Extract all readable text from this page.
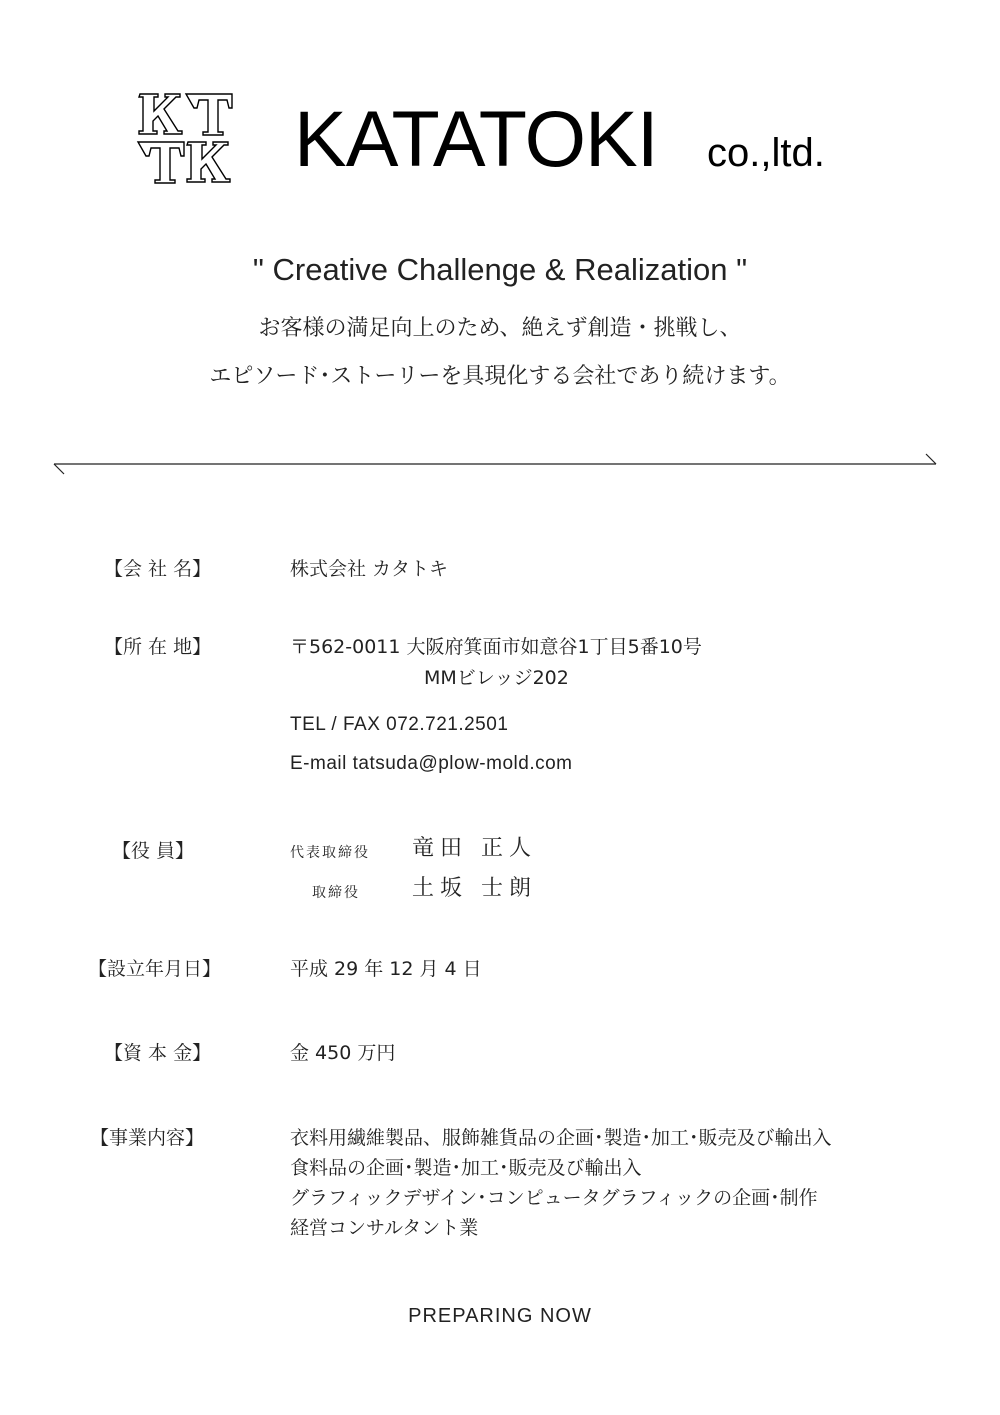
KATATOKI co.,ltd.
" Creative Challenge & Realization "
お客様の満足向上のため、絶えず創造・挑戦し、
エピソード･ストーリーを具現化する会社であり続けます。
【会 社 名】	株式会社 カタトキ
【所 在 地】	〒562-0011 大阪府箕面市如意谷1丁目5番10号
MMビレッジ202
TEL / FAX 072.721.2501
E-mail tatsuda@plow-mold.com
【役 員】	代表取締役 竜田 正人
取締役 土坂 士朗
【設立年月日】	平成 29 年 12 月 4 日
【資 本 金】	金 450 万円
【事業内容】	衣料用繊維製品、服飾雑貨品の企画･製造･加工･販売及び輸出入
食料品の企画･製造･加工･販売及び輸出入
グラフィックデザイン･コンピュータグラフィックの企画･制作
経営コンサルタント業
PREPARING NOW
